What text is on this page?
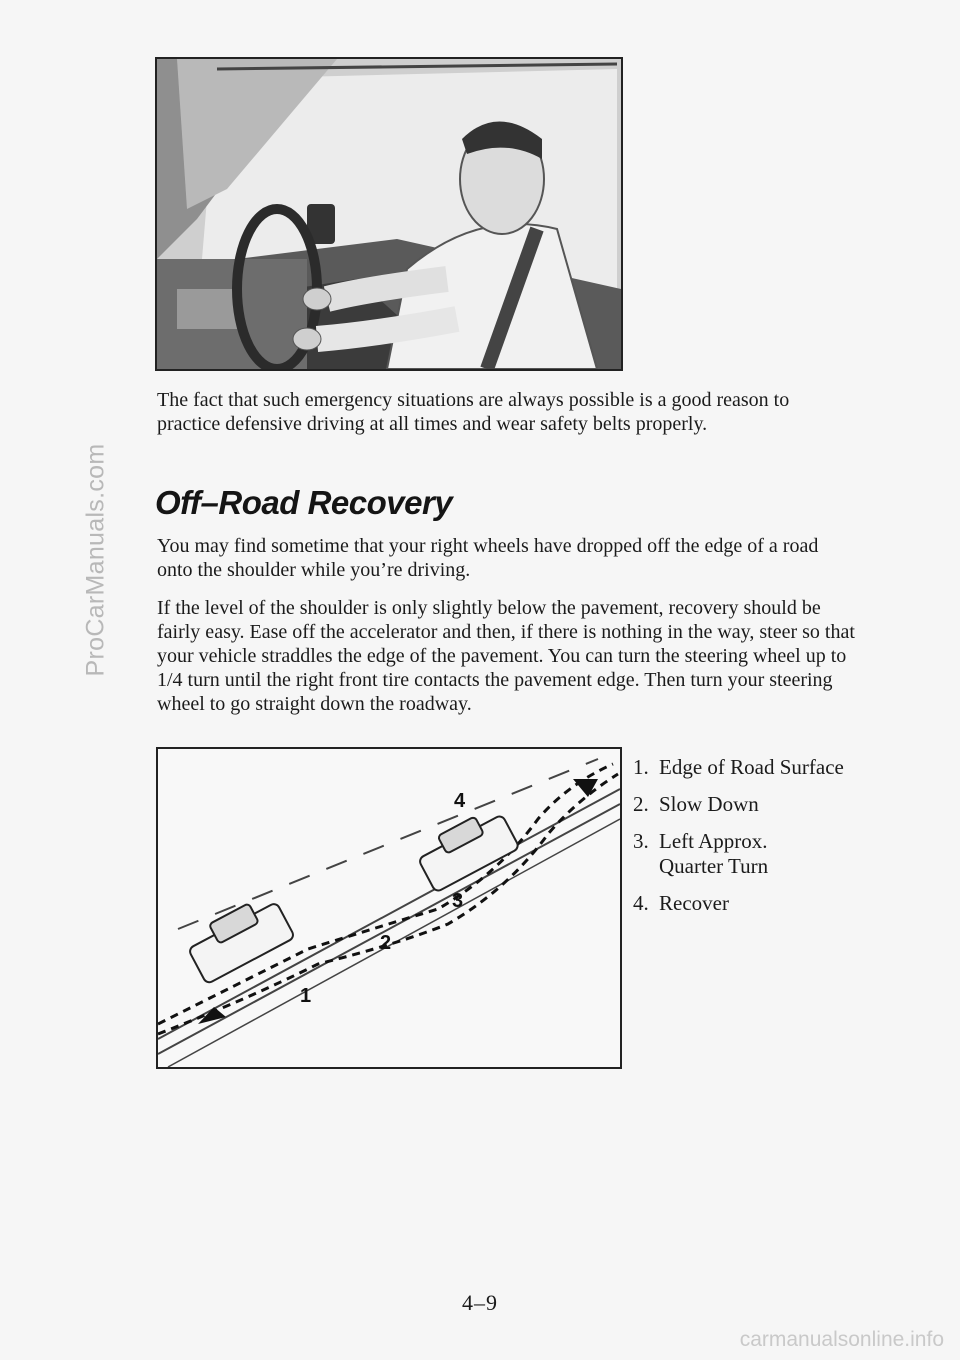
ProCarManuals.com

The fact that such emergency situations are always possible is a good reason to practice defensive driving at all times and wear safety belts properly.

Off–Road Recovery

You may find sometime that your right wheels have dropped off the edge of a road onto the shoulder while you’re driving.

If the level of the shoulder is only slightly below the pavement, recovery should be fairly easy. Ease off the accelerator and then, if there is nothing in the way, steer so that your vehicle straddles the edge of the pavement. You can turn the steering wheel up to 1/4 turn until the right front tire contacts the pavement edge. Then turn your steering wheel to go straight down the roadway.

1
2
3
4
1. Edge of Road Surface
2. Slow Down
3. Left Approx. Quarter Turn
4. Recover
4–9
carmanualsonline.info
